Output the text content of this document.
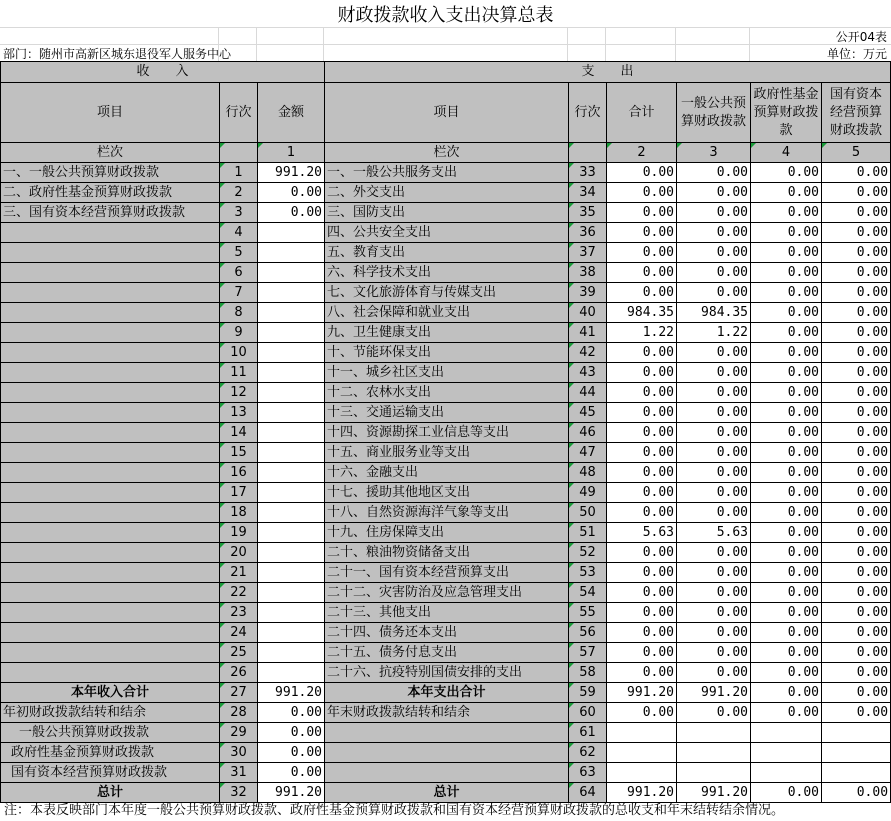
财政拨款收入支出决算总表
公开04表
部门：随州市高新区城东退役军人服务中心	单位：万元
收　　入			支　　出					
项目	行次	金额	项目	行次	合计	一般公共预算财政拨款	政府性基金预算财政拨款	国有资本经营预算财政拨款
栏次		1	栏次		2	3	4	5
一、一般公共预算财政拨款	1	991.20	一、一般公共服务支出	33	0.00	0.00	0.00	0.00
二、政府性基金预算财政拨款	2	0.00	二、外交支出	34	0.00	0.00	0.00	0.00
三、国有资本经营预算财政拨款	3	0.00	三、国防支出	35	0.00	0.00	0.00	0.00
	4		四、公共安全支出	36	0.00	0.00	0.00	0.00
	5		五、教育支出	37	0.00	0.00	0.00	0.00
	6		六、科学技术支出	38	0.00	0.00	0.00	0.00
	7		七、文化旅游体育与传媒支出	39	0.00	0.00	0.00	0.00
	8		八、社会保障和就业支出	40	984.35	984.35	0.00	0.00
	9		九、卫生健康支出	41	1.22	1.22	0.00	0.00
	10		十、节能环保支出	42	0.00	0.00	0.00	0.00
	11		十一、城乡社区支出	43	0.00	0.00	0.00	0.00
	12		十二、农林水支出	44	0.00	0.00	0.00	0.00
	13		十三、交通运输支出	45	0.00	0.00	0.00	0.00
	14		十四、资源勘探工业信息等支出	46	0.00	0.00	0.00	0.00
	15		十五、商业服务业等支出	47	0.00	0.00	0.00	0.00
	16		十六、金融支出	48	0.00	0.00	0.00	0.00
	17		十七、援助其他地区支出	49	0.00	0.00	0.00	0.00
	18		十八、自然资源海洋气象等支出	50	0.00	0.00	0.00	0.00
	19		十九、住房保障支出	51	5.63	5.63	0.00	0.00
	20		二十、粮油物资储备支出	52	0.00	0.00	0.00	0.00
	21		二十一、国有资本经营预算支出	53	0.00	0.00	0.00	0.00
	22		二十二、灾害防治及应急管理支出	54	0.00	0.00	0.00	0.00
	23		二十三、其他支出	55	0.00	0.00	0.00	0.00
	24		二十四、债务还本支出	56	0.00	0.00	0.00	0.00
	25		二十五、债务付息支出	57	0.00	0.00	0.00	0.00
	26		二十六、抗疫特别国债安排的支出	58	0.00	0.00	0.00	0.00
本年收入合计	27	991.20	本年支出合计	59	991.20	991.20	0.00	0.00
年初财政拨款结转和结余	28	0.00	年末财政拨款结转和结余	60	0.00	0.00	0.00	0.00
一般公共预算财政拨款	29	0.00		61				
政府性基金预算财政拨款	30	0.00		62				
国有资本经营预算财政拨款	31	0.00		63				
总计	32	991.20	总计	64	991.20	991.20	0.00	0.00
注：本表反映部门本年度一般公共预算财政拨款、政府性基金预算财政拨款和国有资本经营预算财政拨款的总收支和年末结转结余情况。
